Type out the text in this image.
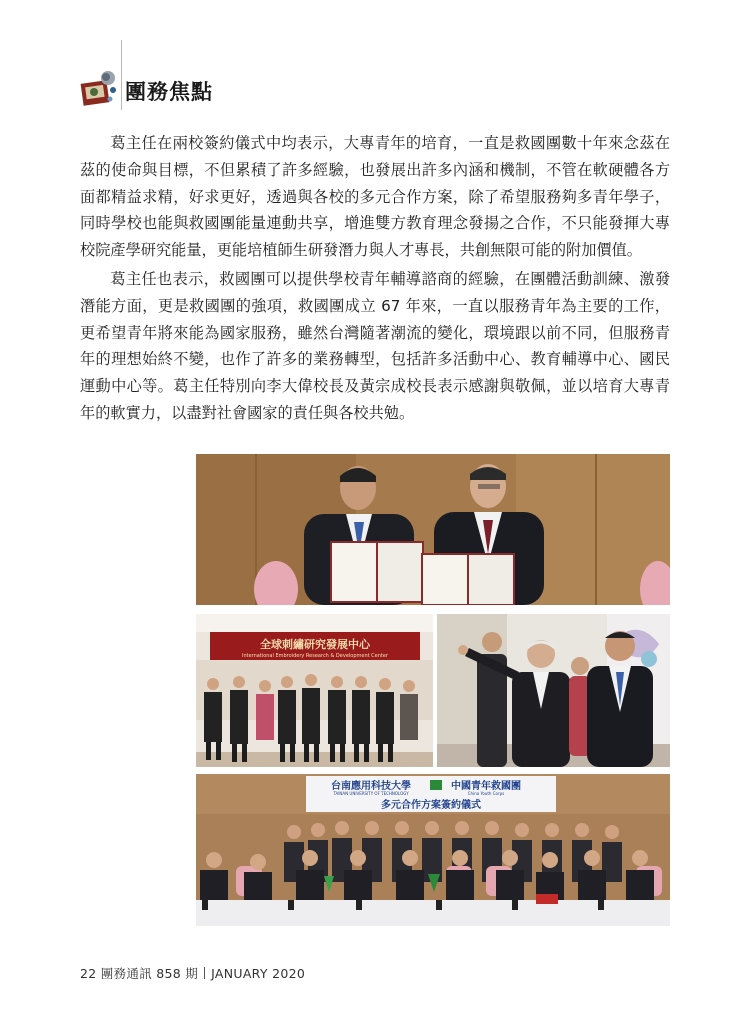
團務焦點

葛主任在兩校簽約儀式中均表示，大專青年的培育，一直是救國團數十年來念茲在茲的使命與目標，不但累積了許多經驗，也發展出許多內涵和機制，不管在軟硬體各方面都精益求精，好求更好，透過與各校的多元合作方案，除了希望服務夠多青年學子，同時學校也能與救國團能量連動共享，增進雙方教育理念發揚之合作，不只能發揮大專校院產學研究能量，更能培植師生研發潛力與人才專長，共創無限可能的附加價值。

葛主任也表示，救國團可以提供學校青年輔導諮商的經驗，在團體活動訓練、激發潛能方面，更是救國團的強項，救國團成立 67 年來，一直以服務青年為主要的工作，更希望青年將來能為國家服務，雖然台灣隨著潮流的變化，環境跟以前不同，但服務青年的理想始終不變，也作了許多的業務轉型，包括許多活動中心、教育輔導中心、國民運動中心等。葛主任特別向李大偉校長及黃宗成校長表示感謝與敬佩，並以培育大專青年的軟實力，以盡對社會國家的責任與各校共勉。

全球刺繡研究發展中心
International Embroidery Research & Development Center
台南應用科技大學
TAINAN UNIVERSITY OF TECHNOLOGY
中國青年救國團
China Youth Corps
多元合作方案簽約儀式
22 團務通訊 858 期 JANUARY 2020
